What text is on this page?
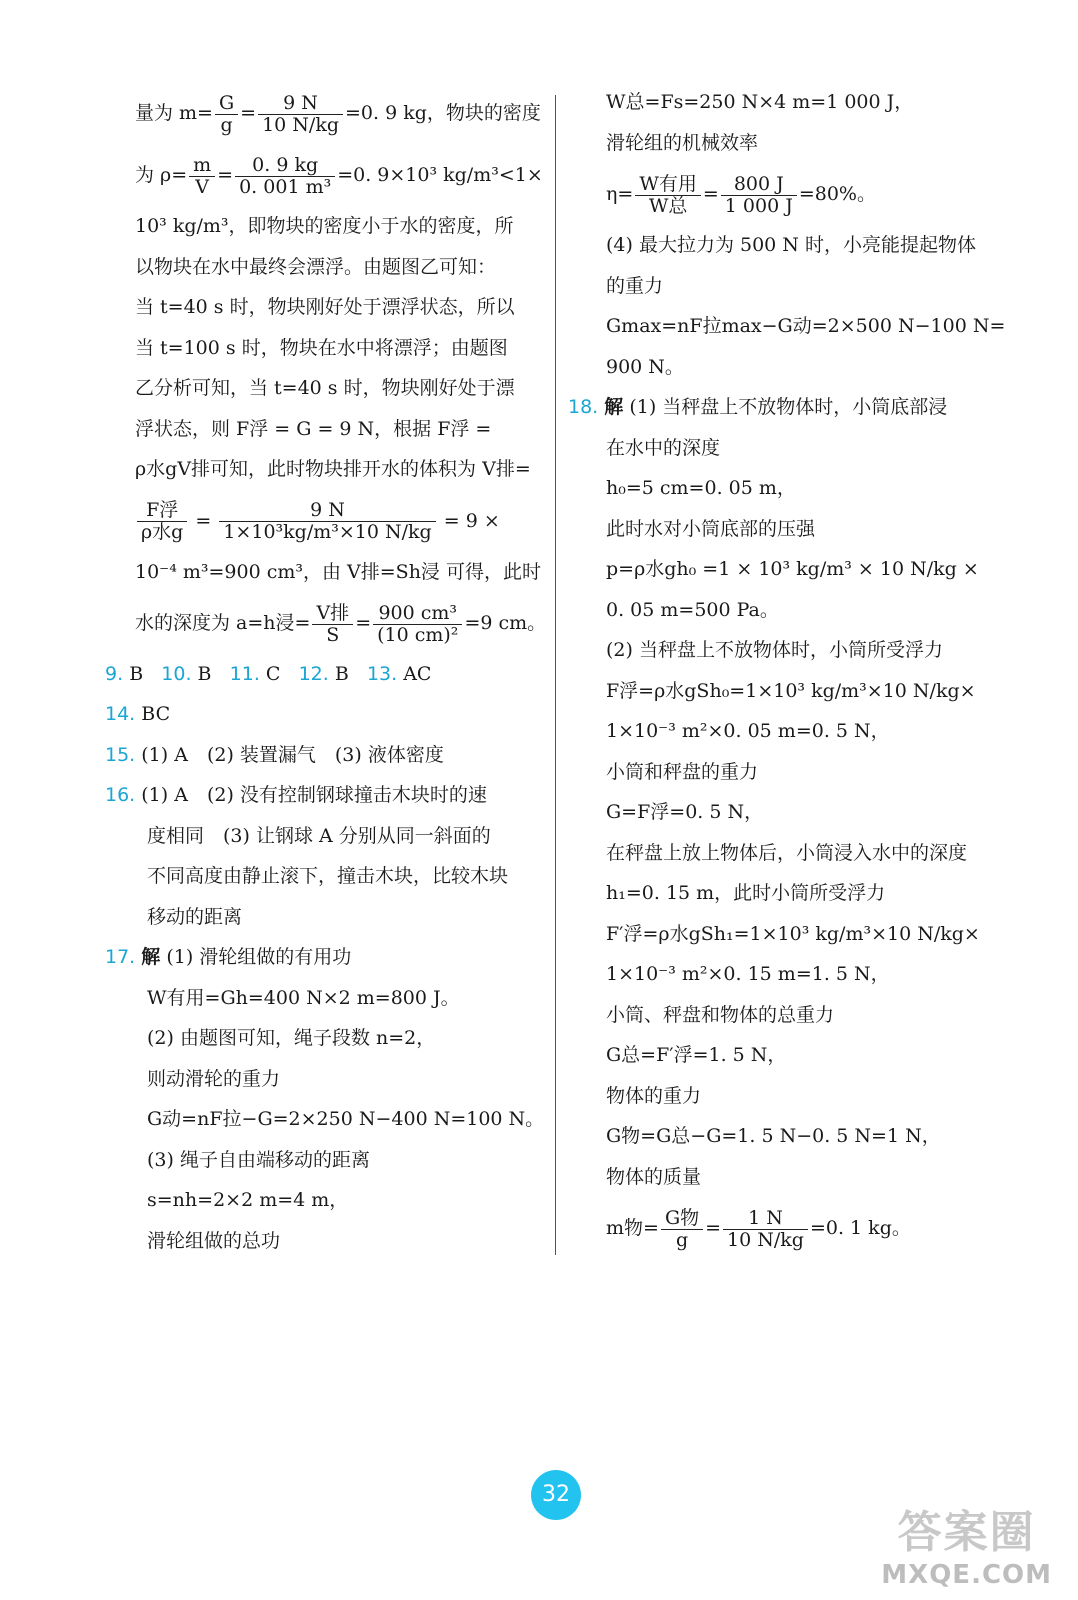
量为 $m= \frac{G}{g} = \frac{9 N}{10 N/kg} =0$. 9 kg，物块的密度
为 $\rho= \frac{m}{V} = \frac{0. 9 kg}{\text{0. 001 m³}} =0$. 9×10³ kg/m³<1×
10³ kg/m³，即物块的密度小于水的密度，所
以物块在水中最终会漂浮。由题图乙可知：
当 t=40 s 时，物块刚好处于漂浮状态，所以
当 t=100 s 时，物块在水中将漂浮；由题图
乙分析可知，当 t=40 s 时，物块刚好处于漂
浮状态，则 F浮 = G = 9 N，根据 F浮 =
ρ水gV排可知，此时物块排开水的体积为 V排=
$\frac{\text{F浮}}{\text{ρ水g}} = \frac{9 N}{\text{1×10³kg/m³×10 N/kg}} = 9$ ×
10⁻⁴ m³=900 cm³，由 V排=Sh浸 可得，此时
水的深度为 a=h浸= $\frac{\text{V排}}{S} = \frac{\text{900 cm³}}{\text{(10 cm)²}} =9$ cm。
9. B 10. B 11. C 12. B 13. AC
14. BC
15. (1) A　(2) 装置漏气　(3) 液体密度
16. (1) A　(2) 没有控制钢球撞击木块时的速
度相同　(3) 让钢球 A 分别从同一斜面的
不同高度由静止滚下，撞击木块，比较木块
移动的距离
17. 解 (1) 滑轮组做的有用功
W有用=Gh=400 N×2 m=800 J。
(2) 由题图可知，绳子段数 n=2，
则动滑轮的重力
G动=nF拉−G=2×250 N−400 N=100 N。
(3) 绳子自由端移动的距离
s=nh=2×2 m=4 m，
滑轮组做的总功
W总=Fs=250 N×4 m=1 000 J，
滑轮组的机械效率
$\eta= \frac{\text{W有用}}{\text{W总}} = \frac{800 J}{1 000 J} =80\%$。
(4) 最大拉力为 500 N 时，小亮能提起物体
的重力
Gmax=nF拉max−G动=2×500 N−100 N=
900 N。
18. 解 (1) 当秤盘上不放物体时，小筒底部浸
在水中的深度
h₀=5 cm=0. 05 m，
此时水对小筒底部的压强
p=ρ水gh₀ =1 × 10³ kg/m³ × 10 N/kg ×
0. 05 m=500 Pa。
(2) 当秤盘上不放物体时，小筒所受浮力
F浮=ρ水gSh₀=1×10³ kg/m³×10 N/kg×
1×10⁻³ m²×0. 05 m=0. 5 N，
小筒和秤盘的重力
G=F浮=0. 5 N，
在秤盘上放上物体后，小筒浸入水中的深度
h₁=0. 15 m，此时小筒所受浮力
F′浮=ρ水gSh₁=1×10³ kg/m³×10 N/kg×
1×10⁻³ m²×0. 15 m=1. 5 N，
小筒、秤盘和物体的总重力
G总=F′浮=1. 5 N，
物体的重力
G物=G总−G=1. 5 N−0. 5 N=1 N，
物体的质量
m物= $\frac{\text{G物}}{g} = \frac{1 N}{10 N/kg} =0$. 1 kg。
32
答案圈
MXQE.COM
